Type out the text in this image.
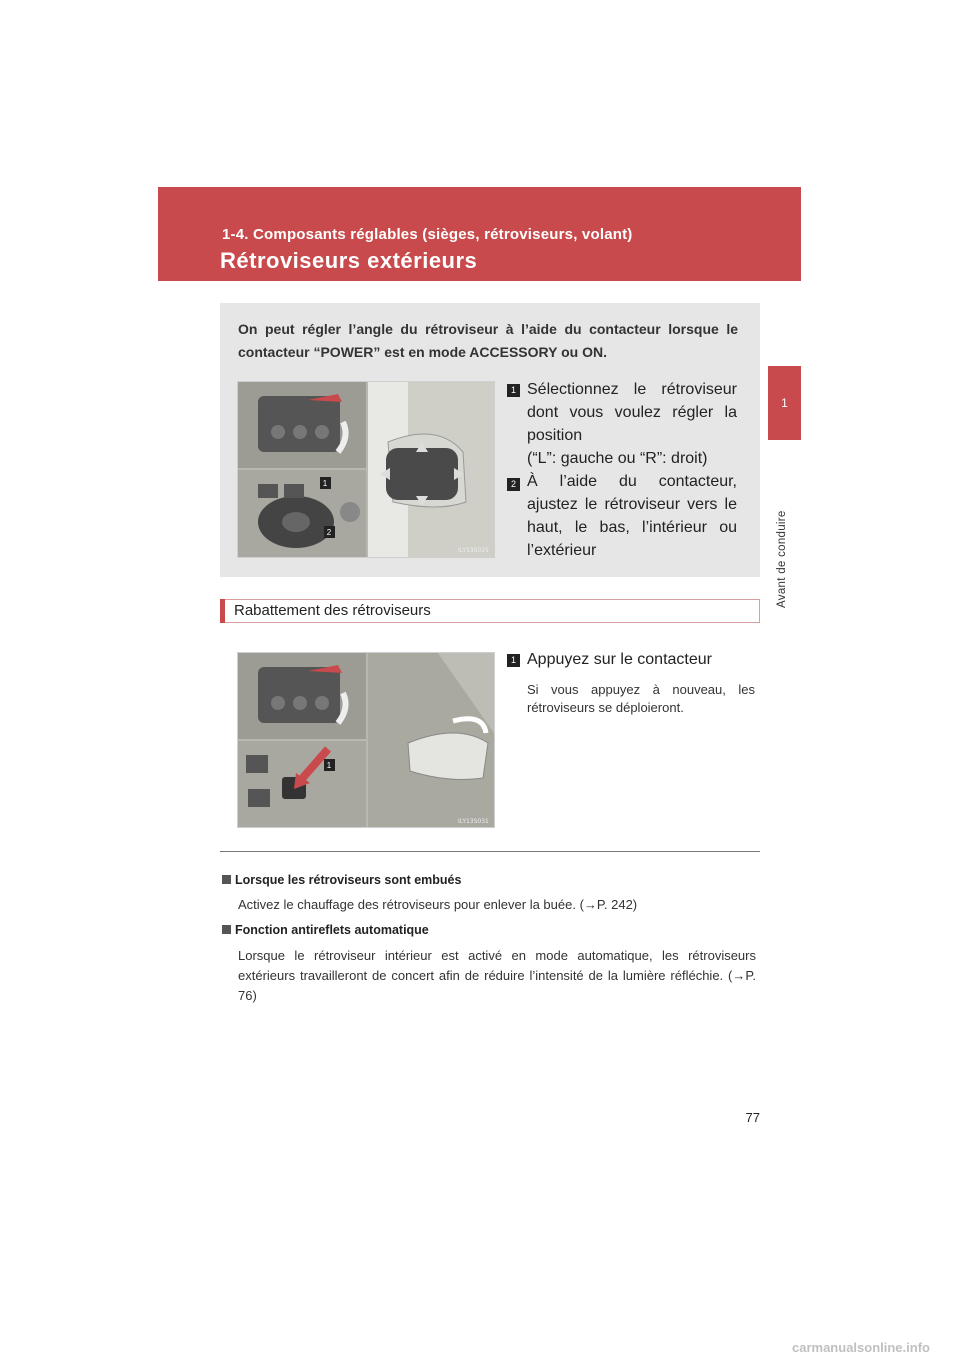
1-4. Composants réglables (sièges, rétroviseurs, volant)
Rétroviseurs extérieurs
1
Avant de conduire
On peut régler l’angle du rétroviseur à l’aide du contacteur lorsque le contacteur “POWER” est en mode ACCESSORY ou ON.
1
2
ILY13S025
1 Sélectionnez le rétroviseur
dont vous voulez régler la
position
(“L”: gauche ou “R”: droit)
2 À l’aide du contacteur,
ajustez le rétroviseur vers le
haut, le bas, l’intérieur ou
l’extérieur
Rabattement des rétroviseurs
1
ILY13S031
1 Appuyez sur le contacteur
Si vous appuyez à nouveau, les rétroviseurs se déploieront.
Lorsque les rétroviseurs sont embués
Activez le chauffage des rétroviseurs pour enlever la buée. (→P. 242)
Fonction antireflets automatique
Lorsque le rétroviseur intérieur est activé en mode automatique, les rétroviseurs extérieurs travailleront de concert afin de réduire l’intensité de la lumière réfléchie. (→P. 76)
77
carmanualsonline.info
